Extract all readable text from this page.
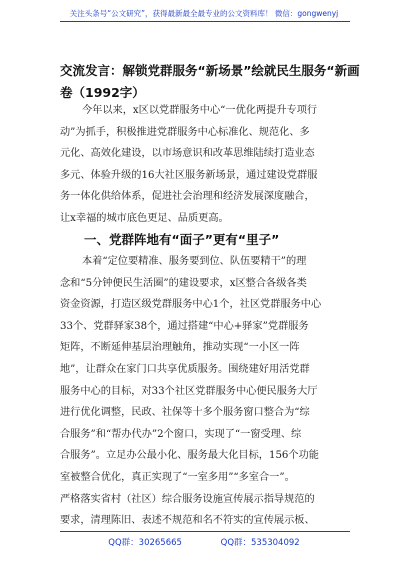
关注头条号“公文研究”，获得最新最全最专业的公文资料库！ 微信：gongwenyj
交流发言：解锁党群服务“新场景”绘就民生服务“新画
卷（1992字）
今年以来，x区以党群服务中心“一优化两提升专项行
动”为抓手，积极推进党群服务中心标准化、规范化、多
元化、高效化建设，以市场意识和改革思维陆续打造业态
多元、体验升级的16大社区服务新场景，通过建设党群服
务一体化供给体系，促进社会治理和经济发展深度融合，
让x幸福的城市底色更足、品质更高。
一、党群阵地有“面子”更有“里子”
本着“定位要精准、服务要到位、队伍要精干”的理
念和“5分钟便民生活圈”的建设要求，x区整合各级各类
资金资源，打造区级党群服务中心1个，社区党群服务中心
33个、党群驿家38个，通过搭建“中心+驿家”党群服务
矩阵，不断延伸基层治理触角，推动实现“一小区一阵
地”，让群众在家门口共享优质服务。围绕建好用活党群
服务中心的目标，对33个社区党群服务中心便民服务大厅
进行优化调整，民政、社保等十多个服务窗口整合为“综
合服务”和“帮办代办”2个窗口，实现了“一窗受理、综
合服务”。立足办公最小化、服务最大化目标，156个功能
室被整合优化，真正实现了“一室多用”“多室合一”。
严格落实省村（社区）综合服务设施宣传展示指导规范的
要求，清理陈旧、表述不规范和名不符实的宣传展示板、
QQ群：30265665	QQ群：535304092
